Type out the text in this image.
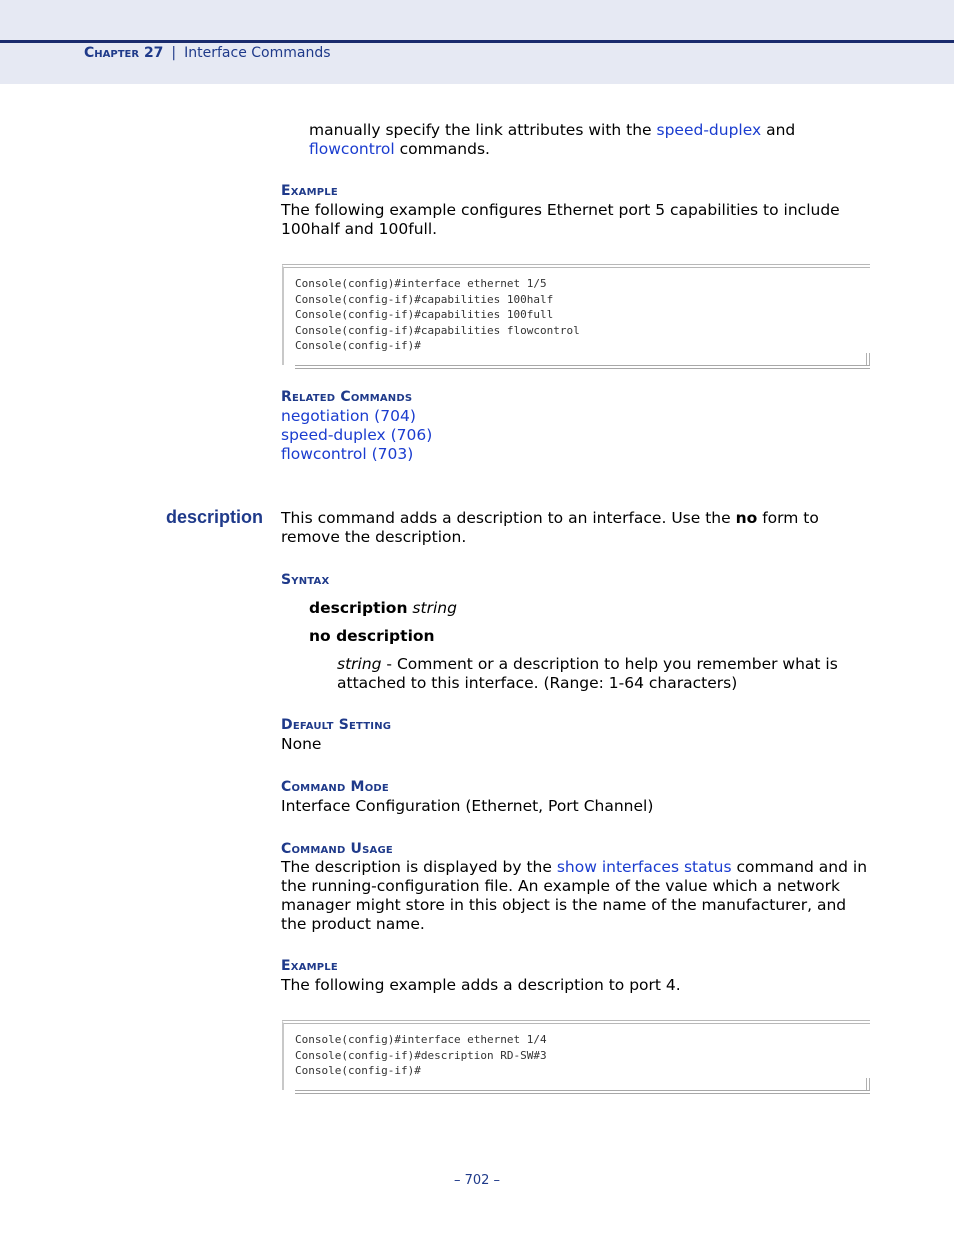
Chapter 27 | Interface Commands

manually specify the link attributes with the speed-duplex and
flowcontrol commands.

Example

The following example configures Ethernet port 5 capabilities to include 100half and 100full.

Console(config)#interface ethernet 1/5
Console(config-if)#capabilities 100half
Console(config-if)#capabilities 100full
Console(config-if)#capabilities flowcontrol
Console(config-if)#
Related Commands
negotiation (704)
speed-duplex (706)
flowcontrol (703)
description This command adds a description to an interface. Use the no form to remove the description.

Syntax

description string

no description

string - Comment or a description to help you remember what is attached to this interface. (Range: 1-64 characters)

Default Setting

None

Command Mode

Interface Configuration (Ethernet, Port Channel)

Command Usage

The description is displayed by the show interfaces status command and in the running-configuration file. An example of the value which a network manager might store in this object is the name of the manufacturer, and the product name.

Example

The following example adds a description to port 4.

Console(config)#interface ethernet 1/4
Console(config-if)#description RD-SW#3
Console(config-if)#
– 702 –
